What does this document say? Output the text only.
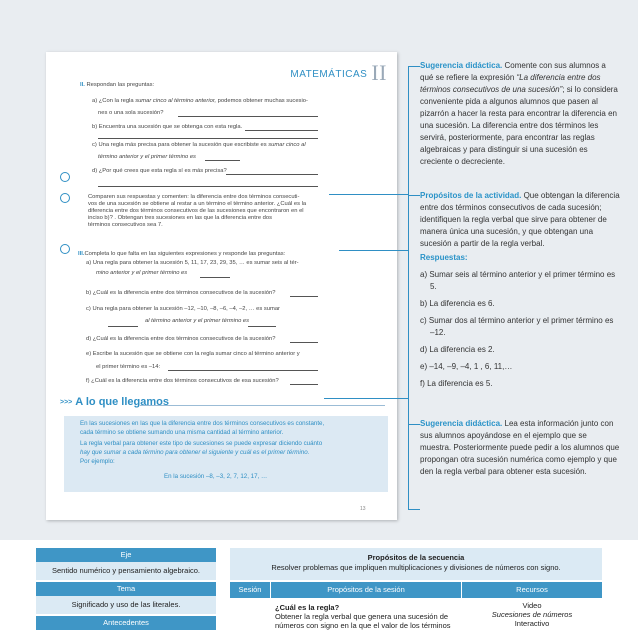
MATEMÁTICAS II
II. Respondan las preguntas:
a) ¿Con la regla sumar cinco al término anterior, podemos obtener muchas sucesio-
nes o una sola sucesión?
b) Encuentra una sucesión que se obtenga con esta regla.
c) Una regla más precisa para obtener la sucesión que escribiste es sumar cinco al
término anterior y el primer término es
d) ¿Por qué crees que esta regla sí es más precisa?
Comparen sus respuestas y comenten: la diferencia entre dos términos consecuti-
vos de una sucesión se obtiene al restar a un término el término anterior. ¿Cuál es la
diferencia entre dos términos consecutivos de las sucesiones que encontraron en el
inciso b)? . Obtengan tres sucesiones en las que la diferencia entre dos
términos consecutivos sea 7.
III.Completa lo que falta en las siguientes expresiones y responde las preguntas:
a) Una regla para obtener la sucesión 5, 11, 17, 23, 29, 35, … es sumar seis al tér-
mino anterior y el primer término es
b) ¿Cuál es la diferencia entre dos términos consecutivos de la sucesión?
c) Una regla para obtener la sucesión –12, –10, –8, –6, –4, –2, … es sumar
al término anterior y el primer término es
d) ¿Cuál es la diferencia entre dos términos consecutivos de la sucesión?
e) Escribe la sucesión que se obtiene con la regla sumar cinco al término anterior y
el primer término es –14:
f) ¿Cuál es la diferencia entre dos términos consecutivos de esa sucesión?
>>> A lo que llegamos
En las sucesiones en las que la diferencia entre dos términos consecutivos es constante,
cada término se obtiene sumando una misma cantidad al término anterior.
La regla verbal para obtener este tipo de sucesiones se puede expresar diciendo cuánto
hay que sumar a cada término para obtener el siguiente y cuál es el primer término.
Por ejemplo:
En la sucesión –8, –3, 2, 7, 12, 17, …
13
Sugerencia didáctica. Comente con sus alumnos a qué se refiere la expresión “La diferencia entre dos términos consecutivos de una sucesión”; si lo considera conveniente pida a algunos alumnos que pasen al pizarrón a hacer la resta para encontrar la diferencia en una sucesión. La diferencia entre dos términos les servirá, posteriormente, para encontrar las reglas algebraicas y para distinguir si una sucesión es creciente o decreciente.
Propósitos de la actividad. Que obtengan la diferencia entre dos términos consecutivos de cada sucesión; identifiquen la regla verbal que sirve para obtener de manera única una sucesión, y que obtengan una sucesión a partir de la regla verbal.
Respuestas:
a) Sumar seis al término anterior y el primer término es 5.
b) La diferencia es 6.
c) Sumar dos al término anterior y el primer término es –12.
d) La diferencia es 2.
e) –14, –9, –4, 1 , 6, 11,…
f) La diferencia es 5.
Sugerencia didáctica. Lea esta información junto con sus alumnos apoyándose en el ejemplo que se muestra. Posteriormente puede pedir a los alumnos que propongan otra sucesión numérica como ejemplo y que den la regla verbal para obtener esta sucesión.
Eje
Sentido numérico y pensamiento algebraico.
Tema
Significado y uso de las literales.
Antecedentes
Propósitos de la secuencia
Resolver problemas que impliquen multiplicaciones y divisiones de números con signo.
Sesión	Propósitos de la sesión	Recursos
¿Cuál es la regla?
Obtener la regla verbal que genera una sucesión de
números con signo en la que el valor de los términos
Video
Sucesiones de números
Interactivo
